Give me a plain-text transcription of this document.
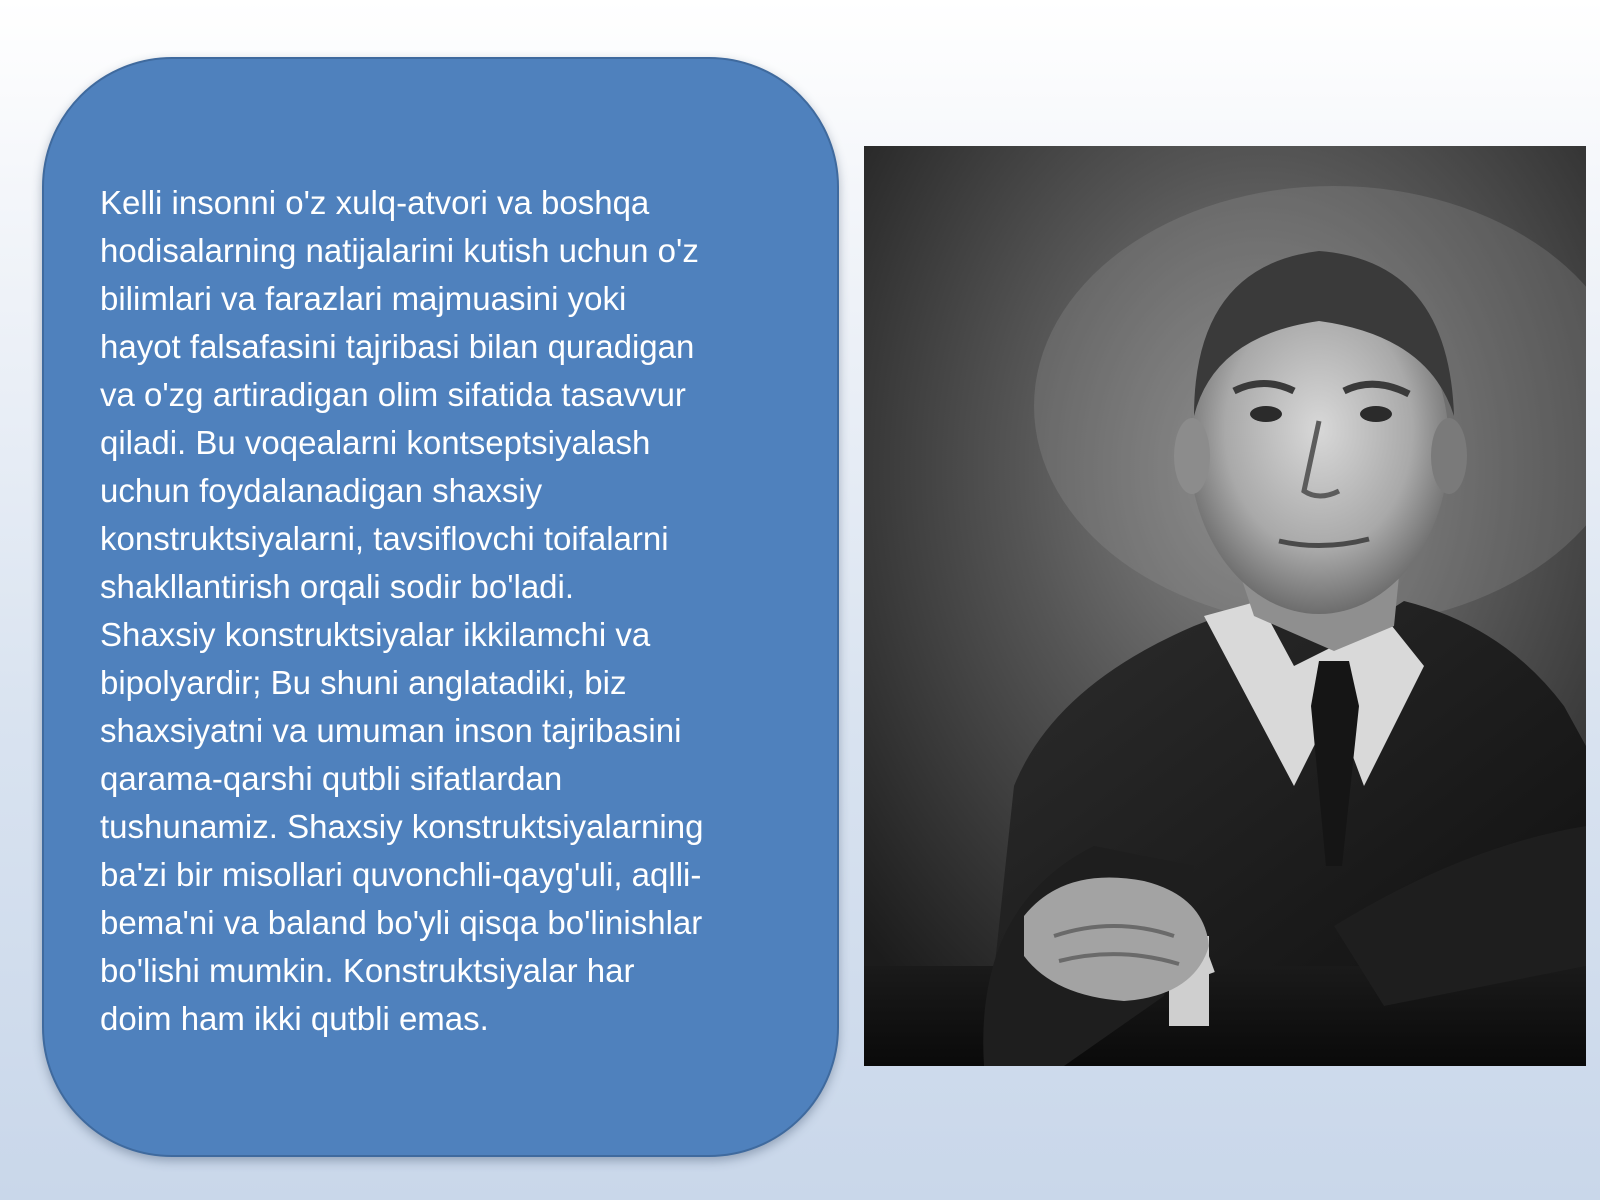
Kelli insonni o'z xulq-atvori va boshqa
hodisalarning natijalarini kutish uchun o'z
bilimlari va farazlari majmuasini yoki
hayot falsafasini tajribasi bilan quradigan
va o'zg artiradigan olim sifatida tasavvur
qiladi. Bu voqealarni kontseptsiyalash
uchun foydalanadigan shaxsiy
konstruktsiyalarni, tavsiflovchi toifalarni
shakllantirish orqali sodir bo'ladi.
Shaxsiy konstruktsiyalar ikkilamchi va
bipolyardir; Bu shuni anglatadiki, biz
shaxsiyatni va umuman inson tajribasini
qarama-qarshi qutbli sifatlardan
tushunamiz. Shaxsiy konstruktsiyalarning
ba'zi bir misollari quvonchli-qayg'uli, aqlli-
bema'ni va baland bo'yli qisqa bo'linishlar
bo'lishi mumkin. Konstruktsiyalar har
doim ham ikki qutbli emas.
